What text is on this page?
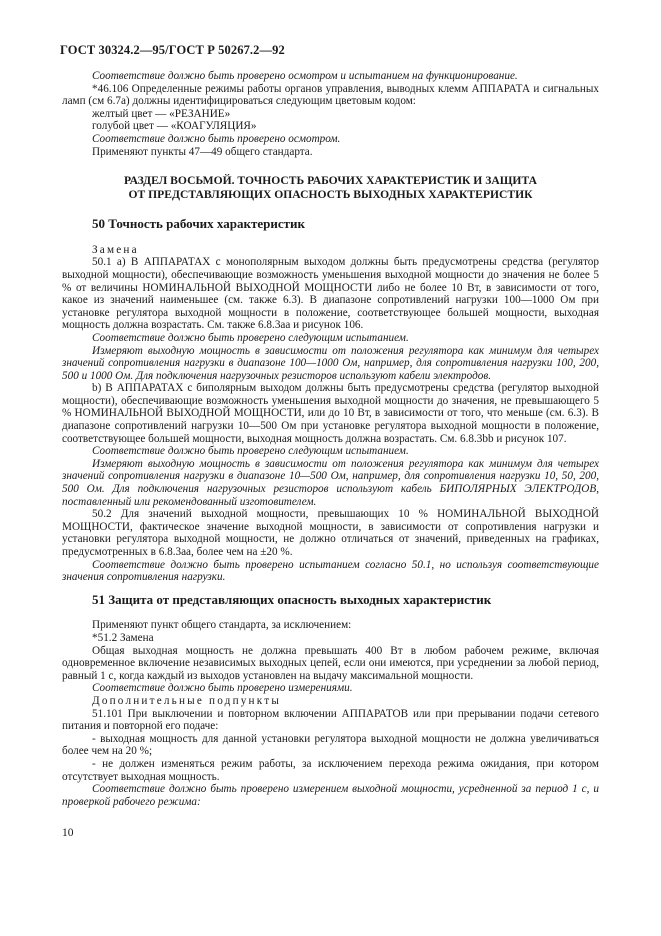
ГОСТ 30324.2—95/ГОСТ Р 50267.2—92

Соответствие должно быть проверено осмотром и испытанием на функционирование.

*46.106 Определенные режимы работы органов управления, выводных клемм АППАРАТА и сигнальных ламп (см 6.7а) должны идентифицироваться следующим цветовым кодом:

желтый цвет — «РЕЗАНИЕ»

голубой цвет — «КОАГУЛЯЦИЯ»

Соответствие должно быть проверено осмотром.

Применяют пункты 47—49 общего стандарта.

РАЗДЕЛ ВОСЬМОЙ. ТОЧНОСТЬ РАБОЧИХ ХАРАКТЕРИСТИК И ЗАЩИТА
ОТ ПРЕДСТАВЛЯЮЩИХ ОПАСНОСТЬ ВЫХОДНЫХ ХАРАКТЕРИСТИК
50 Точность рабочих характеристик

Замена

50.1 а) В АППАРАТАХ с монополярным выходом должны быть предусмотрены средства (регулятор выходной мощности), обеспечивающие возможность уменьшения выходной мощности до значения не более 5 % от величины НОМИНАЛЬНОЙ ВЫХОДНОЙ МОЩНОСТИ либо не более 10 Вт, в зависимости от того, какое из значений наименьшее (см. также 6.3). В диапазоне сопротивлений нагрузки 100—1000 Ом при установке регулятора выходной мощности в положение, соответствующее большей мощности, выходная мощность должна возрастать. См. также 6.8.3аа и рисунок 106.

Соответствие должно быть проверено следующим испытанием.

Измеряют выходную мощность в зависимости от положения регулятора как минимум для четырех значений сопротивления нагрузки в диапазоне 100—1000 Ом, например, для сопротивления нагрузки 100, 200, 500 и 1000 Ом. Для подключения нагрузочных резисторов используют кабели электродов.

b) В АППАРАТАХ с биполярным выходом должны быть предусмотрены средства (регулятор выходной мощности), обеспечивающие возможность уменьшения выходной мощности до значения, не превышающего 5 % НОМИНАЛЬНОЙ ВЫХОДНОЙ МОЩНОСТИ, или до 10 Вт, в зависимости от того, что меньше (см. 6.3). В диапазоне сопротивлений нагрузки 10—500 Ом при установке регулятора выходной мощности в положение, соответствующее большей мощности, выходная мощность должна возрастать. См. 6.8.3bb и рисунок 107.

Соответствие должно быть проверено следующим испытанием.

Измеряют выходную мощность в зависимости от положения регулятора как минимум для четырех значений сопротивления нагрузки в диапазоне 10—500 Ом, например, для сопротивления нагрузки 10, 50, 200, 500 Ом. Для подключения нагрузочных резисторов используют кабель БИПОЛЯРНЫХ ЭЛЕКТРОДОВ, поставленный или рекомендованный изготовителем.

50.2 Для значений выходной мощности, превышающих 10 % НОМИНАЛЬНОЙ ВЫХОДНОЙ МОЩНОСТИ, фактическое значение выходной мощности, в зависимости от сопротивления нагрузки и установки регулятора выходной мощности, не должно отличаться от значений, приведенных на графиках, предусмотренных в 6.8.3аа, более чем на ±20 %.

Соответствие должно быть проверено испытанием согласно 50.1, но используя соответствующие значения сопротивления нагрузки.

51 Защита от представляющих опасность выходных характеристик

Применяют пункт общего стандарта, за исключением:

*51.2 Замена

Общая выходная мощность не должна превышать 400 Вт в любом рабочем режиме, включая одновременное включение независимых выходных цепей, если они имеются, при усреднении за любой период, равный 1 с, когда каждый из выходов установлен на выдачу максимальной мощности.

Соответствие должно быть проверено измерениями.

Дополнительные подпункты

51.101 При выключении и повторном включении АППАРАТОВ или при прерывании подачи сетевого питания и повторной его подаче:

- выходная мощность для данной установки регулятора выходной мощности не должна увеличиваться более чем на 20 %;

- не должен изменяться режим работы, за исключением перехода режима ожидания, при котором отсутствует выходная мощность.

Соответствие должно быть проверено измерением выходной мощности, усредненной за период 1 с, и проверкой рабочего режима:

10
